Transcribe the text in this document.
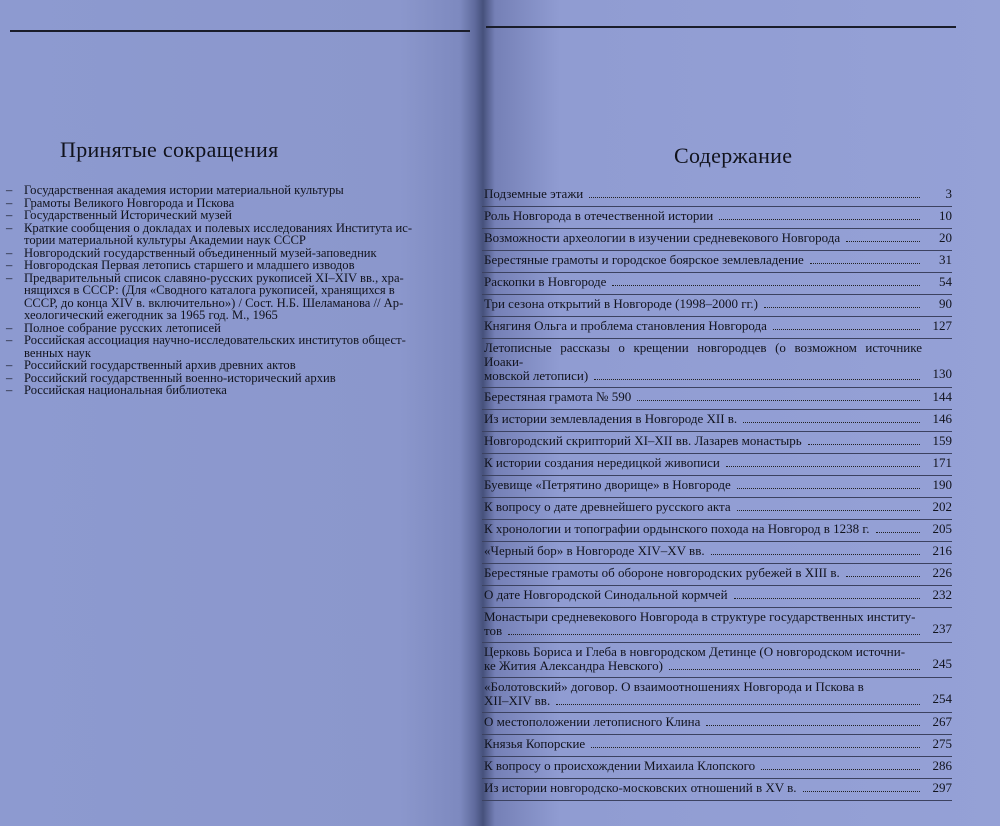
Принятые сокращения
– Государственная академия истории материальной культуры
– Грамоты Великого Новгорода и Пскова
– Государственный Исторический музей
– Краткие сообщения о докладах и полевых исследованиях Института ис-
тории материальной культуры Академии наук СССР
– Новгородский государственный объединенный музей-заповедник
– Новгородская Первая летопись старшего и младшего изводов
– Предварительный список славяно-русских рукописей XI–XIV вв., хра-
нящихся в СССР: (Для «Сводного каталога рукописей, хранящихся в
СССР, до конца XIV в. включительно») / Сост. Н.Б. Шеламанова // Ар-
хеологический ежегодник за 1965 год. М., 1965
– Полное собрание русских летописей
– Российская ассоциация научно-исследовательских институтов общест-
венных наук
– Российский государственный архив древних актов
– Российский государственный военно-исторический архив
– Российская национальная библиотека
Содержание
Подземные этажи	3
Роль Новгорода в отечественной истории	10
Возможности археологии в изучении средневекового Новгорода	20
Берестяные грамоты и городское боярское землевладение	31
Раскопки в Новгороде	54
Три сезона открытий в Новгороде (1998–2000 гг.)	90
Княгиня Ольга и проблема становления Новгорода	127
Летописные рассказы о крещении новгородцев (о возможном источнике Иоаки-
мовской летописи)	130
Берестяная грамота № 590	144
Из истории землевладения в Новгороде XII в.	146
Новгородский скрипторий XI–XII вв. Лазарев монастырь	159
К истории создания нередицкой живописи	171
Буевище «Петрятино дворище» в Новгороде	190
К вопросу о дате древнейшего русского акта	202
К хронологии и топографии ордынского похода на Новгород в 1238 г.	205
«Черный бор» в Новгороде XIV–XV вв.	216
Берестяные грамоты об обороне новгородских рубежей в XIII в.	226
О дате Новгородской Синодальной кормчей	232
Монастыри средневекового Новгорода в структуре государственных институ-
тов	237
Церковь Бориса и Глеба в новгородском Детинце (О новгородском источни-
ке Жития Александра Невского)	245
«Болотовский» договор. О взаимоотношениях Новгорода и Пскова в
XII–XIV вв.	254
О местоположении летописного Клина	267
Князья Копорские	275
К вопросу о происхождении Михаила Клопского	286
Из истории новгородско-московских отношений в XV в.	297
